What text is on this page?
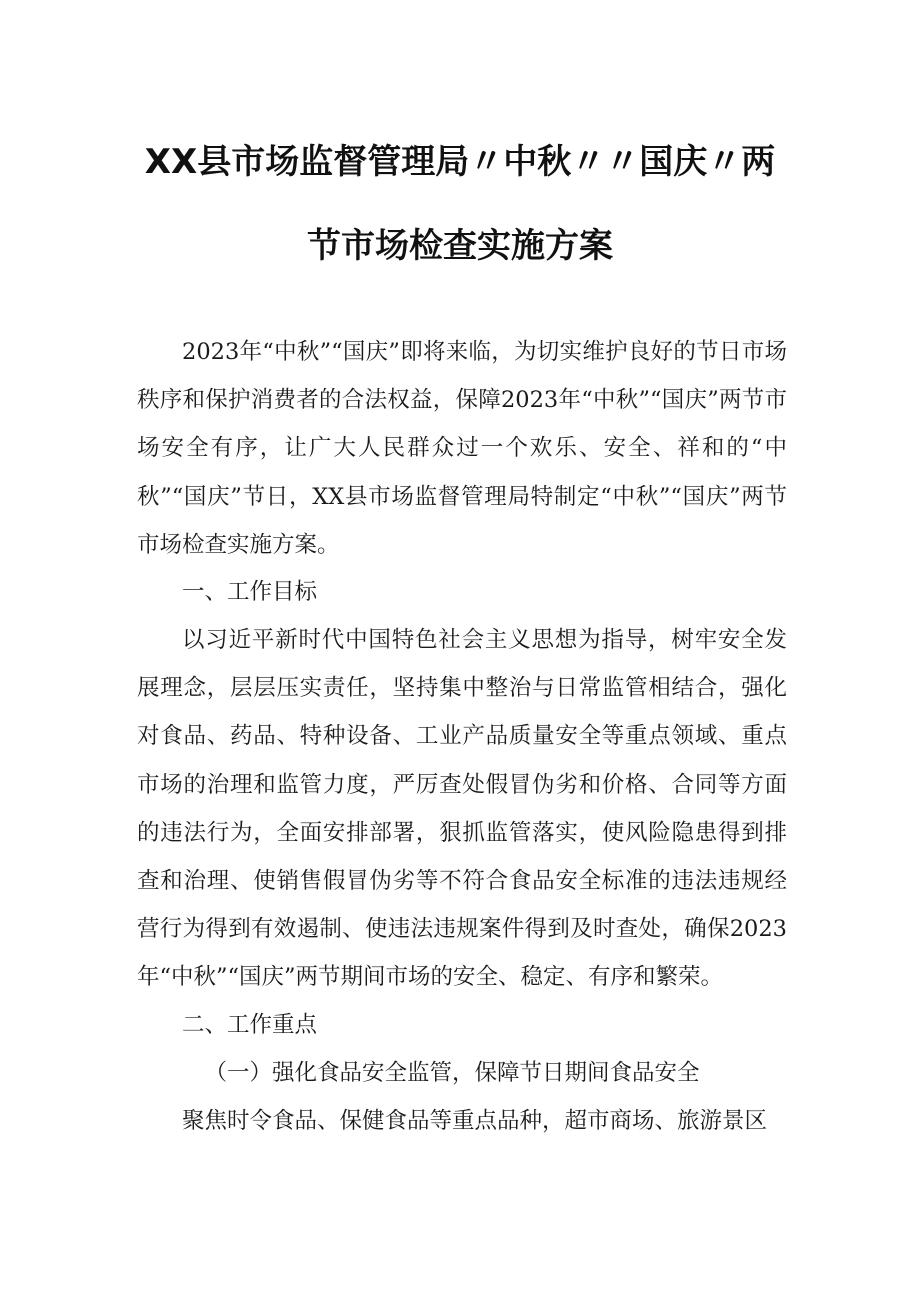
XX县市场监督管理局〃中秋〃〃国庆〃两
节市场检查实施方案

2023年“中秋”“国庆”即将来临，为切实维护良好的节日市场秩序和保护消费者的合法权益，保障2023年“中秋”“国庆”两节市场安全有序，让广大人民群众过一个欢乐、安全、祥和的“中秋”“国庆”节日，XX县市场监督管理局特制定“中秋”“国庆”两节市场检查实施方案。

一、工作目标

以习近平新时代中国特色社会主义思想为指导，树牢安全发展理念，层层压实责任，坚持集中整治与日常监管相结合，强化对食品、药品、特种设备、工业产品质量安全等重点领域、重点市场的治理和监管力度，严厉查处假冒伪劣和价格、合同等方面的违法行为，全面安排部署，狠抓监管落实，使风险隐患得到排查和治理、使销售假冒伪劣等不符合食品安全标准的违法违规经营行为得到有效遏制、使违法违规案件得到及时查处，确保2023年“中秋”“国庆”两节期间市场的安全、稳定、有序和繁荣。

二、工作重点

（一）强化食品安全监管，保障节日期间食品安全

聚焦时令食品、保健食品等重点品种，超市商场、旅游景区
